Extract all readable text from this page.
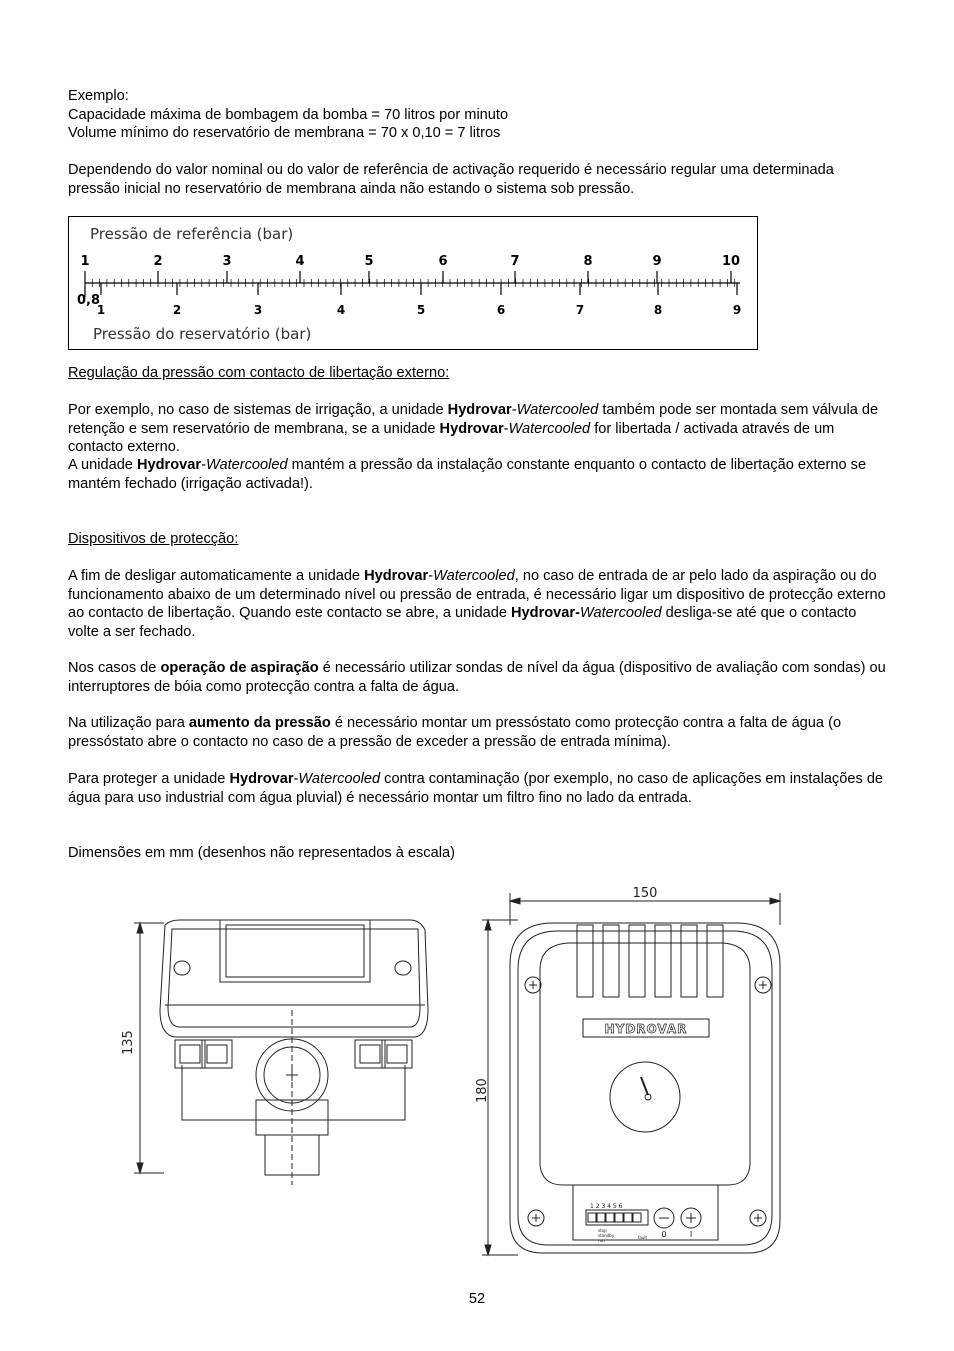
Exemplo:
Capacidade máxima de bombagem da bomba = 70 litros por minuto
Volume mínimo do reservatório de membrana = 70 x 0,10 = 7 litros
Dependendo do valor nominal ou do valor de referência de activação requerido é necessário regular uma determinada pressão inicial no reservatório de membrana ainda não estando o sistema sob pressão.
Pressão de referência (bar)
Pressão do reservatório (bar)
1	2	3	4	5	6	7	8	9	10
0,8
1	2	3	4	5	6	7	8	9
Regulação da pressão com contacto de libertação externo:
Por exemplo, no caso de sistemas de irrigação, a unidade Hydrovar-Watercooled também pode ser montada sem válvula de retenção e sem reservatório de membrana, se a unidade Hydrovar-Watercooled for libertada / activada através de um contacto externo.
A unidade Hydrovar-Watercooled mantém a pressão da instalação constante enquanto o contacto de libertação externo se mantém fechado (irrigação activada!).
Dispositivos de protecção:
A fim de desligar automaticamente a unidade Hydrovar-Watercooled, no caso de entrada de ar pelo lado da aspiração ou do funcionamento abaixo de um determinado nível ou pressão de entrada, é necessário ligar um dispositivo de protecção externo ao contacto de libertação. Quando este contacto se abre, a unidade Hydrovar-Watercooled desliga-se até que o contacto volte a ser fechado.
Nos casos de operação de aspiração é necessário utilizar sondas de nível da água (dispositivo de avaliação com sondas) ou interruptores de bóia como protecção contra a falta de água.
Na utilização para aumento da pressão é necessário montar um pressóstato como protecção contra a falta de água (o pressóstato abre o contacto no caso de a pressão de exceder a pressão de entrada mínima).
Para proteger a unidade Hydrovar-Watercooled contra contaminação (por exemplo, no caso de aplicações em instalações de água para uso industrial com água pluvial) é necessário montar um filtro fino no lado da entrada.
Dimensões em mm (desenhos não representados à escala)
135
150
180
HYDROVAR
1 2 3 4 5 6
stop
standby
run
fault 0	I
52
